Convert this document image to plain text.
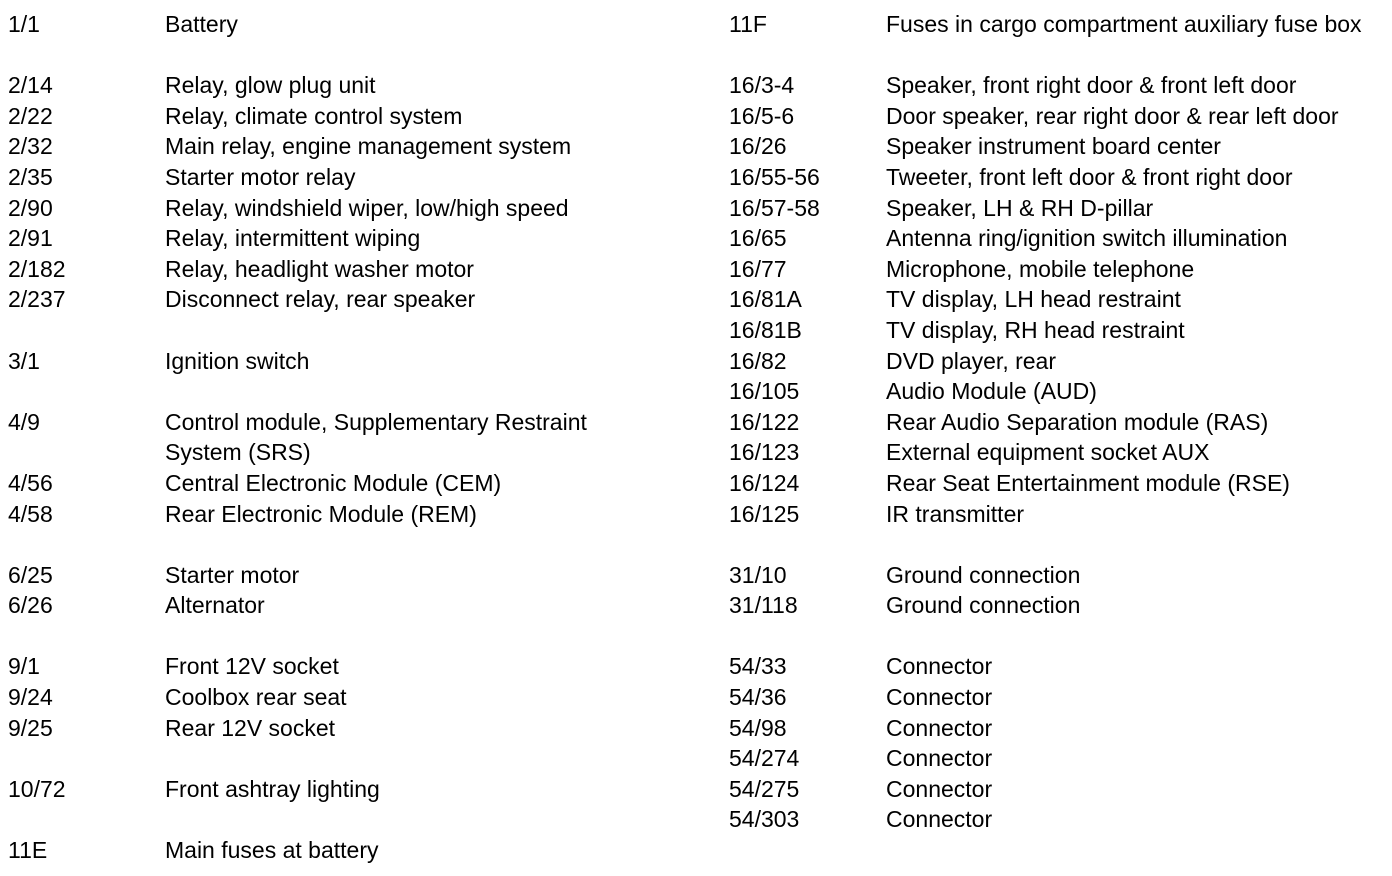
1/1	Battery
2/14	Relay, glow plug unit
2/22	Relay, climate control system
2/32	Main relay, engine management system
2/35	Starter motor relay
2/90	Relay, windshield wiper, low/high speed
2/91	Relay, intermittent wiping
2/182	Relay, headlight washer motor
2/237	Disconnect relay, rear speaker
3/1	Ignition switch
4/9	Control module, Supplementary Restraint System (SRS)
4/56	Central Electronic Module (CEM)
4/58	Rear Electronic Module (REM)
6/25	Starter motor
6/26	Alternator
9/1	Front 12V socket
9/24	Coolbox rear seat
9/25	Rear 12V socket
10/72	Front ashtray lighting
11E	Main fuses at battery
11F	Fuses in cargo compartment auxiliary fuse box
16/3-4	Speaker, front right door & front left door
16/5-6	Door speaker, rear right door & rear left door
16/26	Speaker instrument board center
16/55-56	Tweeter, front left door & front right door
16/57-58	Speaker, LH & RH D-pillar
16/65	Antenna ring/ignition switch illumination
16/77	Microphone, mobile telephone
16/81A	TV display, LH head restraint
16/81B	TV display, RH head restraint
16/82	DVD player, rear
16/105	Audio Module (AUD)
16/122	Rear Audio Separation module (RAS)
16/123	External equipment socket AUX
16/124	Rear Seat Entertainment module (RSE)
16/125	IR transmitter
31/10	Ground connection
31/118	Ground connection
54/33	Connector
54/36	Connector
54/98	Connector
54/274	Connector
54/275	Connector
54/303	Connector
